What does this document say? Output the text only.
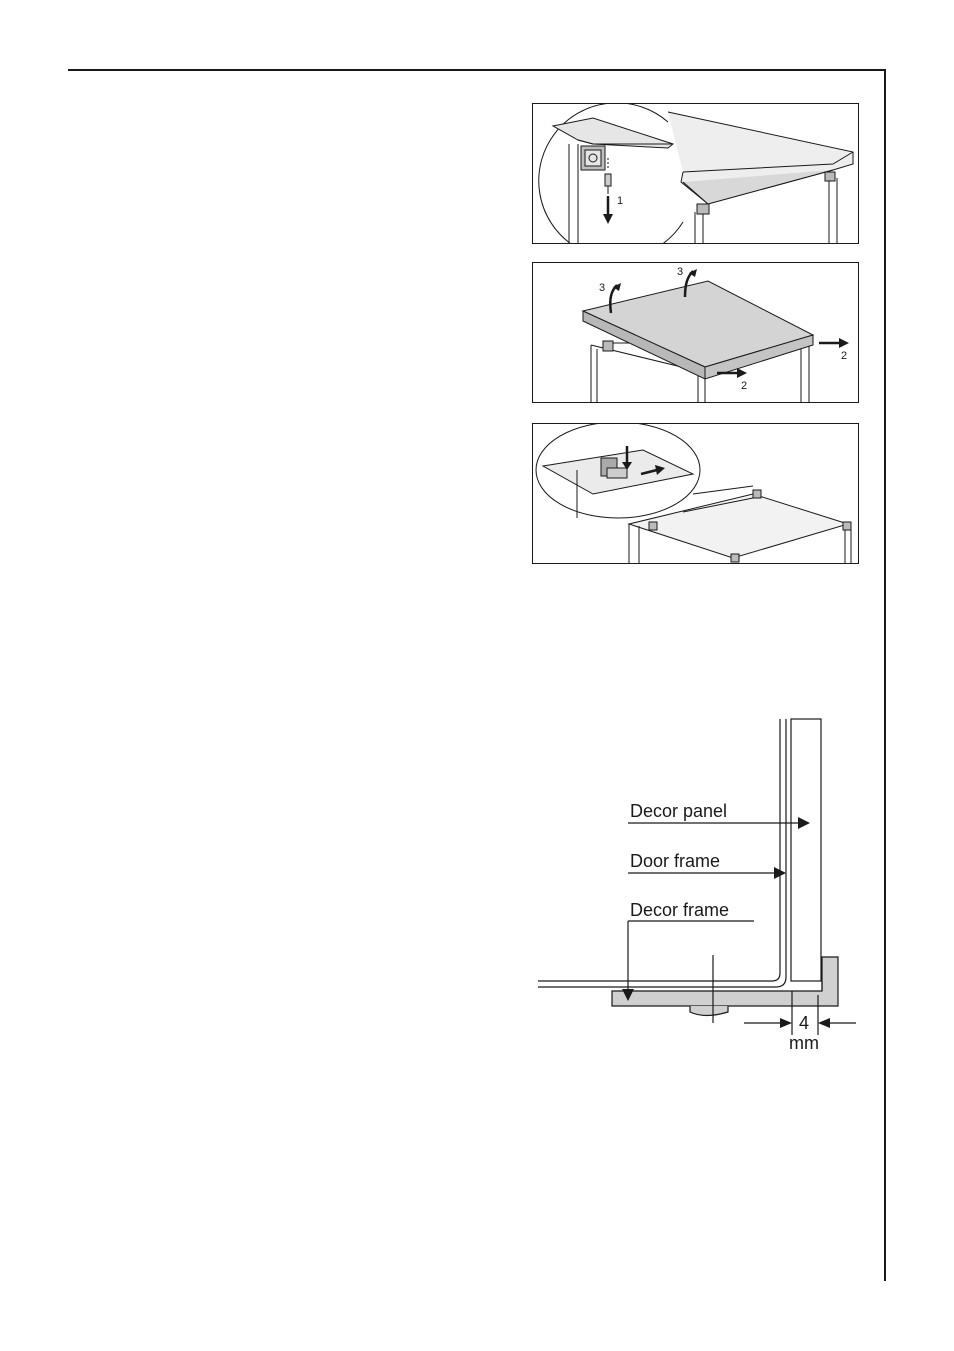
1
3
3
2
2
Decor panel
Door frame
Decor frame
4
mm
